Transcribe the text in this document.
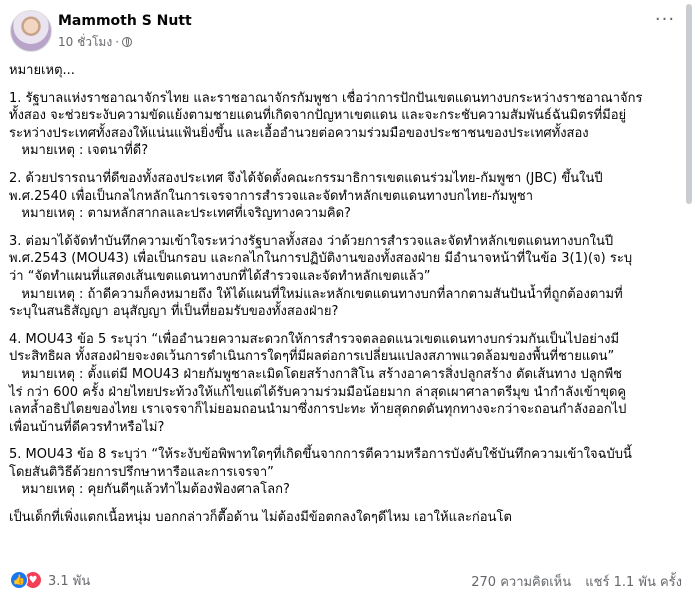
Mammoth S Nutt
10 ชั่วโมง ·
···

หมายเหตุ...

1. รัฐบาลแห่งราชอาณาจักรไทย และราชอาณาจักรกัมพูชา เชื่อว่าการปักปันเขตแดนทางบกระหว่างราชอาณาจักร

ทั้งสอง จะช่วยระงับความขัดแย้งตามชายแดนที่เกิดจากปัญหาเขตแดน และจะกระชับความสัมพันธ์ฉันมิตรที่มีอยู่

ระหว่างประเทศทั้งสองให้แน่นแฟ้นยิ่งขึ้น และเอื้ออำนวยต่อความร่วมมือของประชาชนของประเทศทั้งสอง

หมายเหตุ : เจตนาที่ดี?

2. ด้วยปรารถนาที่ดีของทั้งสองประเทศ จึงได้จัดตั้งคณะกรรมาธิการเขตแดนร่วมไทย-กัมพูชา (JBC) ขึ้นในปี

พ.ศ.2540 เพื่อเป็นกลไกหลักในการเจรจาการสำรวจและจัดทำหลักเขตแดนทางบกไทย-กัมพูชา

หมายเหตุ : ตามหลักสากลและประเทศที่เจริญทางความคิด?

3. ต่อมาได้จัดทำบันทึกความเข้าใจระหว่างรัฐบาลทั้งสอง ว่าด้วยการสำรวจและจัดทำหลักเขตแดนทางบกในปี

พ.ศ.2543 (MOU43) เพื่อเป็นกรอบ และกลไกในการปฏิบัติงานของทั้งสองฝ่าย มีอำนาจหน้าที่ในข้อ 3(1)(จ) ระบุ

ว่า “จัดทำแผนที่แสดงเส้นเขตแดนทางบกที่ได้สำรวจและจัดทำหลักเขตแล้ว”

หมายเหตุ : ถ้าดีความก็คงหมายถึง ให้ได้แผนที่ใหม่และหลักเขตแดนทางบกที่ลากตามสันปันน้ำที่ถูกต้องตามที่

ระบุในสนธิสัญญา อนุสัญญา ที่เป็นที่ยอมรับของทั้งสองฝ่าย?

4. MOU43 ข้อ 5 ระบุว่า “เพื่ออำนวยความสะดวกให้การสำรวจตลอดแนวเขตแดนทางบกร่วมกันเป็นไปอย่างมี

ประสิทธิผล ทั้งสองฝ่ายจะงดเว้นการดำเนินการใดๆที่มีผลต่อการเปลี่ยนแปลงสภาพแวดล้อมของพื้นที่ชายแดน”

หมายเหตุ : ตั้งแต่มี MOU43 ฝ่ายกัมพูชาละเมิดโดยสร้างกาสิโน สร้างอาคารสิ่งปลูกสร้าง ตัดเส้นทาง ปลูกพืช

ไร่ กว่า 600 ครั้ง ฝ่ายไทยประท้วงให้แก้ไขแต่ได้รับความร่วมมือน้อยมาก ล่าสุดเผาศาลาตรีมุข นำกำลังเข้าขุดคู

เลทล้ำอธิปไตยของไทย เราเจรจาก็ไม่ยอมถอนนำมาซึ่งการปะทะ ท้ายสุดกดดันทุกทางจะกว่าจะถอนกำลังออกไป

เพื่อนบ้านที่ดีควรทำหรือไม่?

5. MOU43 ข้อ 8 ระบุว่า “ให้ระงับข้อพิพาทใดๆที่เกิดขึ้นจากการตีความหรือการบังคับใช้บันทึกความเข้าใจฉบับนี้

โดยสันติวิธีด้วยการปรึกษาหารือและการเจรจา”

หมายเหตุ : คุยกันดีๆแล้วทำไมต้องฟ้องศาลโลก?

เป็นเด็กที่เพิ่งแตกเนื้อหนุ่ม บอกกล่าวก็ตื๊อด้าน ไม่ต้องมีข้อตกลงใดๆดีไหม เอาให้และก่อนโต

👍 ♥ 3.1 พัน	270 ความคิดเห็น แชร์ 1.1 พัน ครั้ง
